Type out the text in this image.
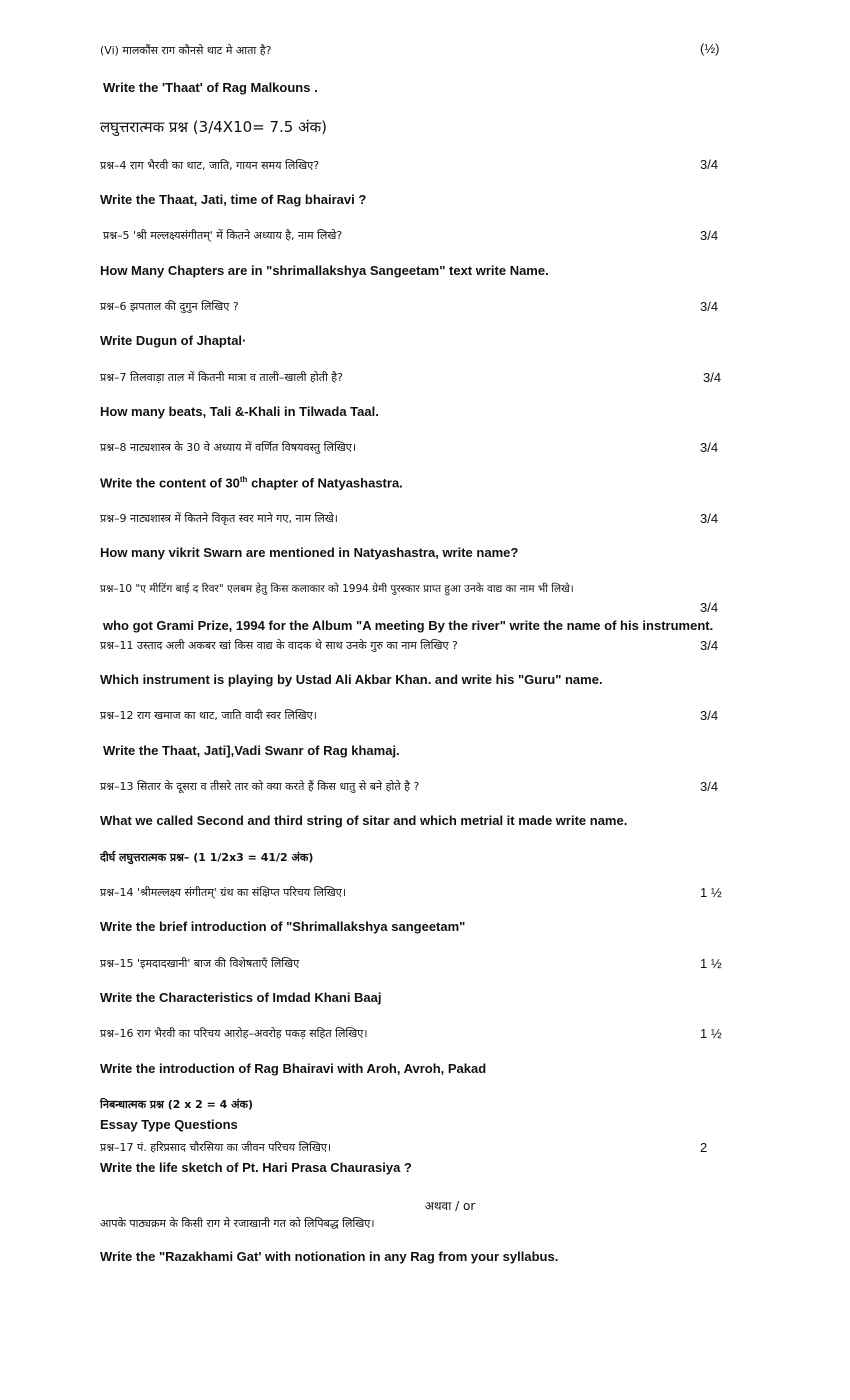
(Vi) मालकौंस राग कौनसे थाट मे आता है?	(½)
Write the 'Thaat' of Rag Malkouns .
लघुत्तरात्मक प्रश्न (3/4X10= 7.5 अंक)
प्रश्न–4 राग भैरवी का थाट, जाति, गायन समय लिखिए?	3/4
Write the Thaat, Jati, time of Rag bhairavi ?
प्रश्न–5 'श्री मल्लक्ष्यसंगीतम्' में कितने अध्याय है, नाम लिखे?	3/4
How Many Chapters are in "shrimallakshya Sangeetam" text write Name.
प्रश्न–6 झपताल की दुगुन लिखिए ?	3/4
Write Dugun of Jhaptal·
प्रश्न–7 तिलवाड़ा ताल में कितनी मात्रा व ताली–खाली होती है?	3/4
How many beats, Tali &-Khali in Tilwada Taal.
प्रश्न–8 नाट्यशास्त्र के 30 वे अध्याय में वर्णित विषयवस्तु लिखिए।	3/4
Write the content of 30th chapter of Natyashastra.
प्रश्न–9 नाट्यशास्त्र में कितने विकृत स्वर माने गए, नाम लिखे।	3/4
How many vikrit Swarn are mentioned in Natyashastra, write name?
प्रश्न–10 "ए मीटिंग बाई द रिवर" एलबम हेतु किस कलाकार को 1994 ग्रेमी पुरस्कार प्राप्त हुआ उनके वाद्य का नाम भी लिखे।
3/4
who got Grami Prize, 1994 for the Album "A meeting By the river" write the name of his instrument.
प्रश्न–11 उस्ताद अली अकबर खां किस वाद्य के वादक थे साथ उनके गुरु का नाम लिखिए ?	3/4
Which instrument is playing by Ustad Ali Akbar Khan. and write his "Guru" name.
प्रश्न–12 राग खमाज का थाट, जाति वादी स्वर लिखिए।	3/4
Write the Thaat, Jati],Vadi Swanr of Rag khamaj.
प्रश्न–13 सितार के दूसरा व तीसरे तार को क्या करते हैं किस धातु से बने होते है ?	3/4
What we called Second and third string of sitar and which metrial it made write name.
दीर्घ लघुत्तरात्मक प्रश्न– (1 1/2x3 = 41/2 अंक)
प्रश्न–14 'श्रीमल्लक्ष्य संगीतम्' ग्रंथ का संक्षिप्त परिचय लिखिए।	1 ½
Write the brief introduction of "Shrimallakshya sangeetam"
प्रश्न–15 'इमदादखानी' बाज की विशेषताएँ लिखिए	1 ½
Write the Characteristics of Imdad Khani Baaj
प्रश्न–16 राग भैरवी का परिचय आरोह–अवरोह पकड़ सहित लिखिए।	1 ½
Write the introduction of Rag Bhairavi with Aroh, Avroh, Pakad
निबन्धात्मक प्रश्न (2 x 2 = 4 अंक)
Essay Type Questions
प्रश्न–17 पं. हरिप्रसाद चौरसिया का जीवन परिचय लिखिए।	2
Write the life sketch of Pt. Hari Prasa Chaurasiya ?
अथवा / or
आपके पाठ्यक्रम के किसी राग मे रजाखानी गत को लिपिबद्ध लिखिए।
Write the "Razakhami Gat' with notionation in any Rag from your syllabus.
